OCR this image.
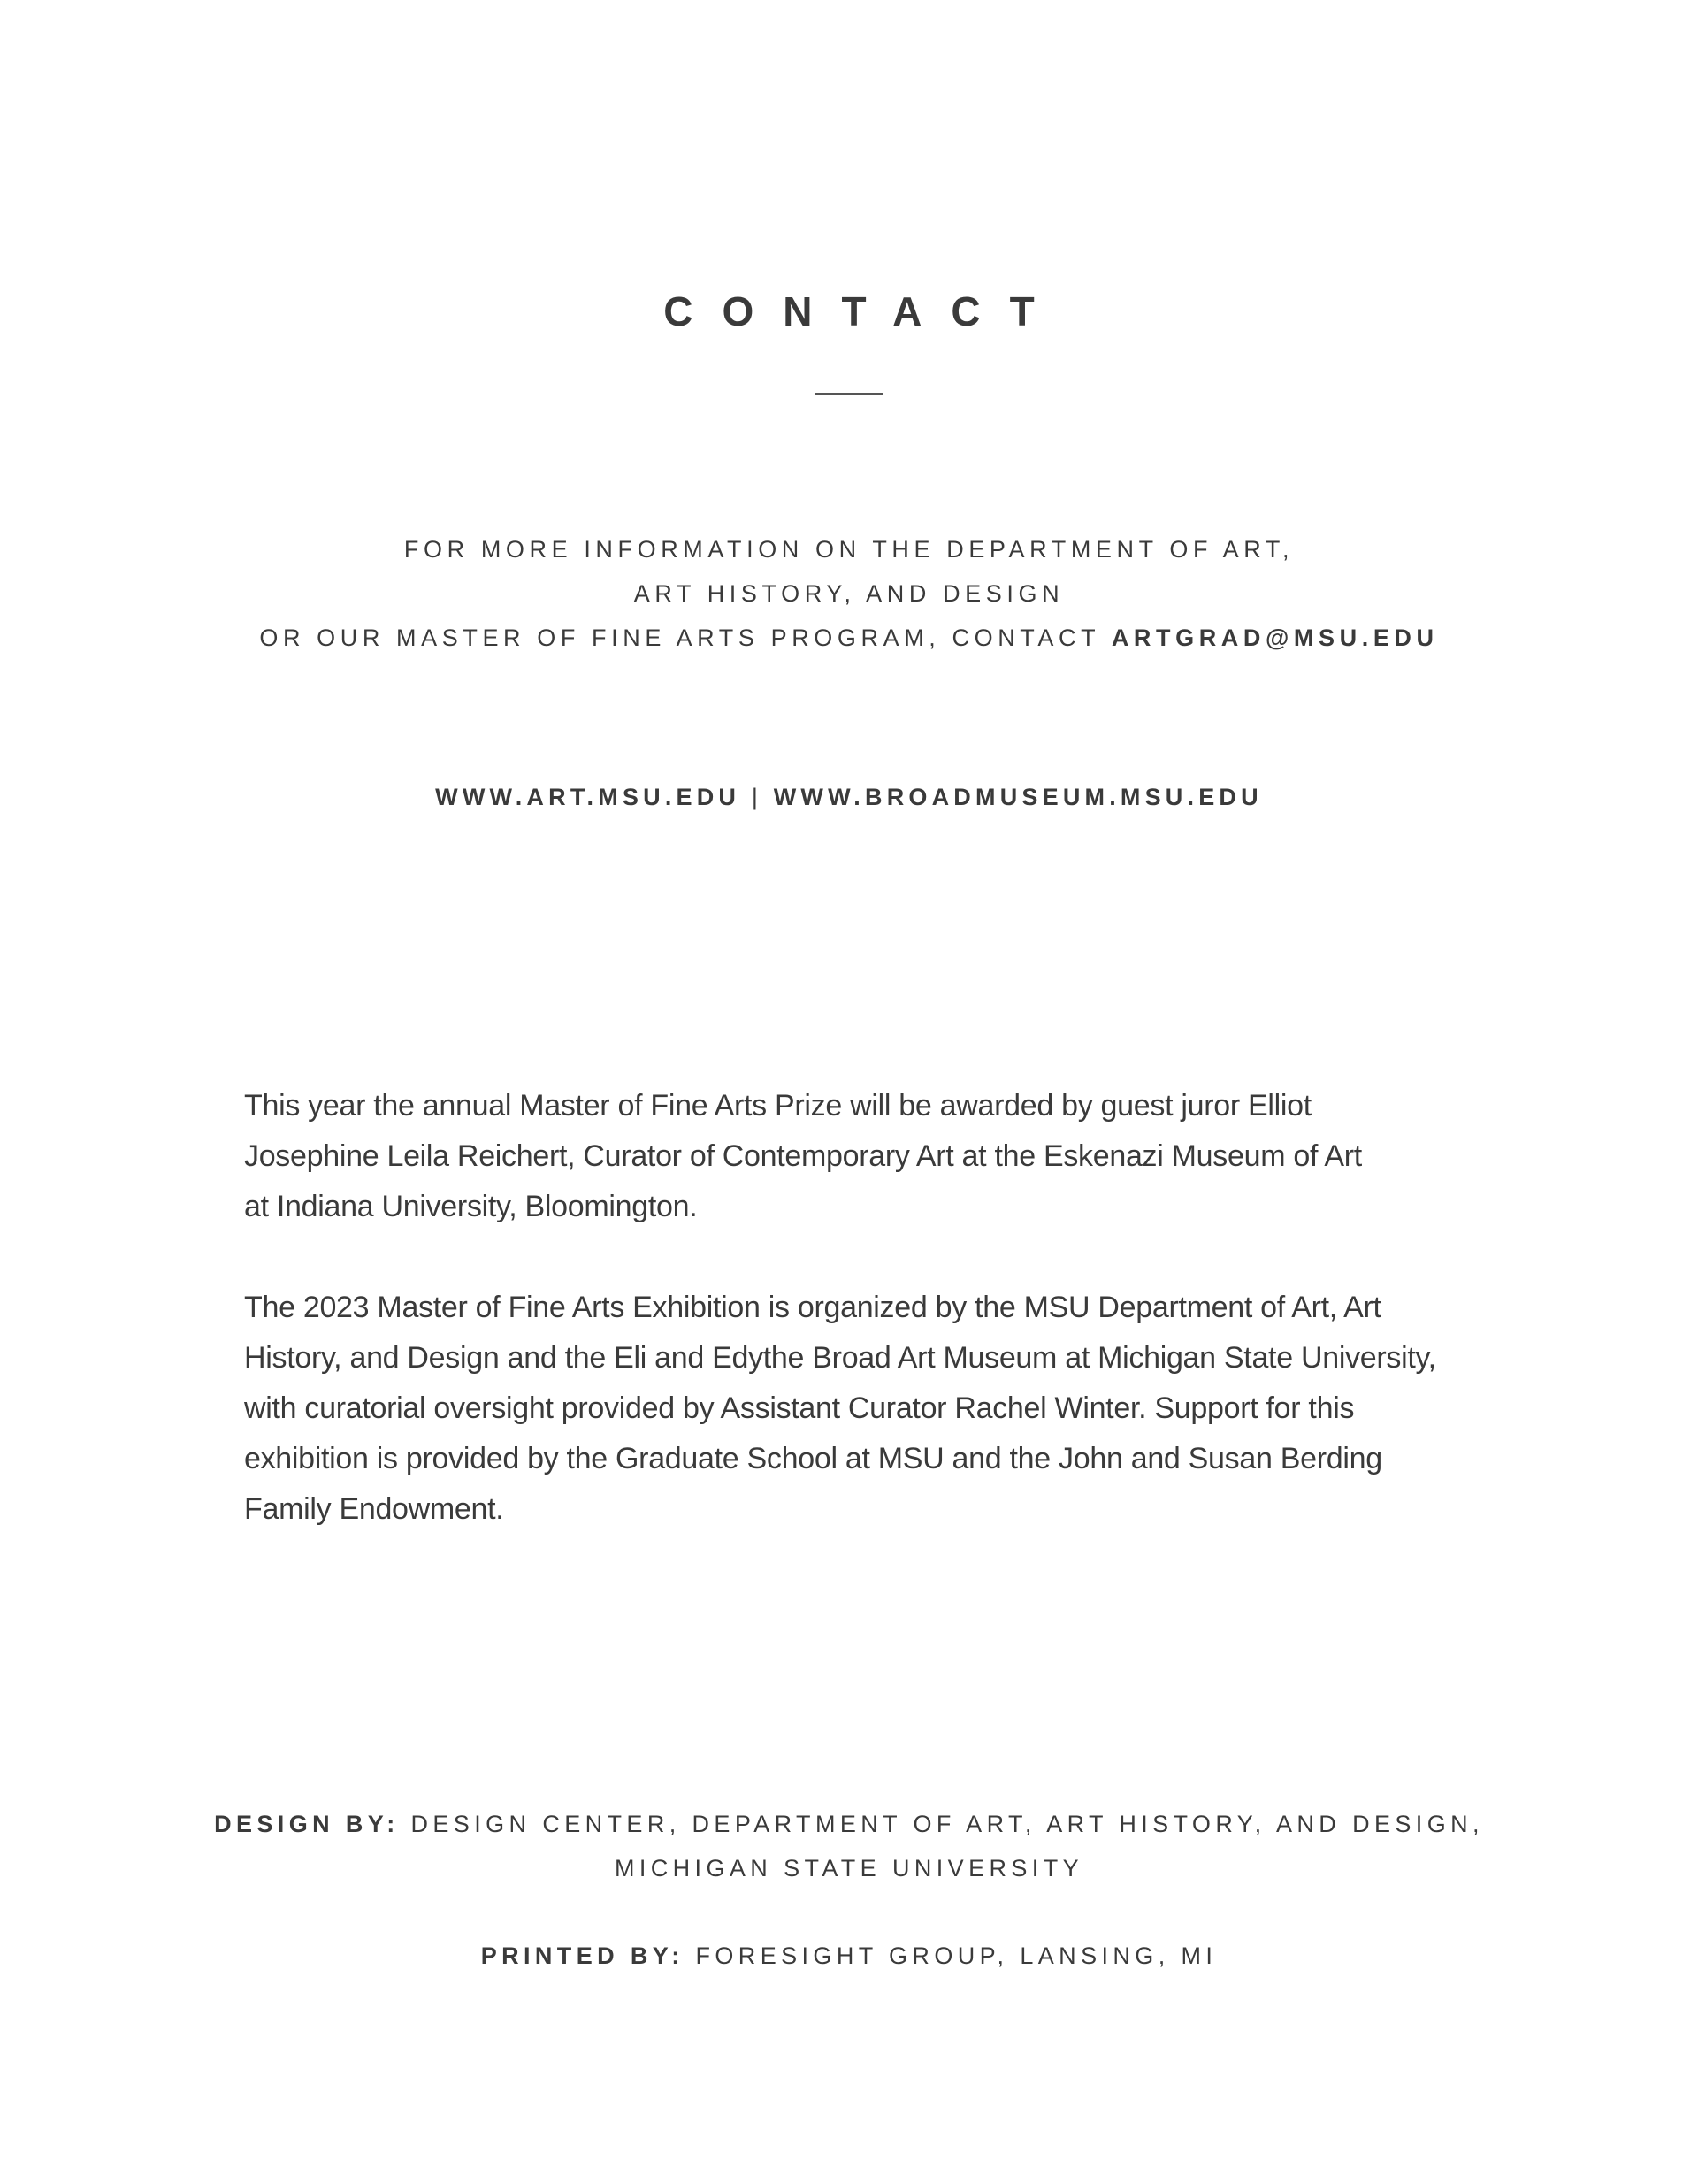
CONTACT
FOR MORE INFORMATION ON THE DEPARTMENT OF ART,
ART HISTORY, AND DESIGN
OR OUR MASTER OF FINE ARTS PROGRAM, CONTACT ARTGRAD@MSU.EDU
WWW.ART.MSU.EDU | WWW.BROADMUSEUM.MSU.EDU

This year the annual Master of Fine Arts Prize will be awarded by guest juror Elliot
Josephine Leila Reichert, Curator of Contemporary Art at the Eskenazi Museum of Art
at Indiana University, Bloomington.

The 2023 Master of Fine Arts Exhibition is organized by the MSU Department of Art, Art
History, and Design and the Eli and Edythe Broad Art Museum at Michigan State University,
with curatorial oversight provided by Assistant Curator Rachel Winter. Support for this
exhibition is provided by the Graduate School at MSU and the John and Susan Berding
Family Endowment.

DESIGN BY: DESIGN CENTER, DEPARTMENT OF ART, ART HISTORY, AND DESIGN,
MICHIGAN STATE UNIVERSITY
PRINTED BY: FORESIGHT GROUP, LANSING, MI
